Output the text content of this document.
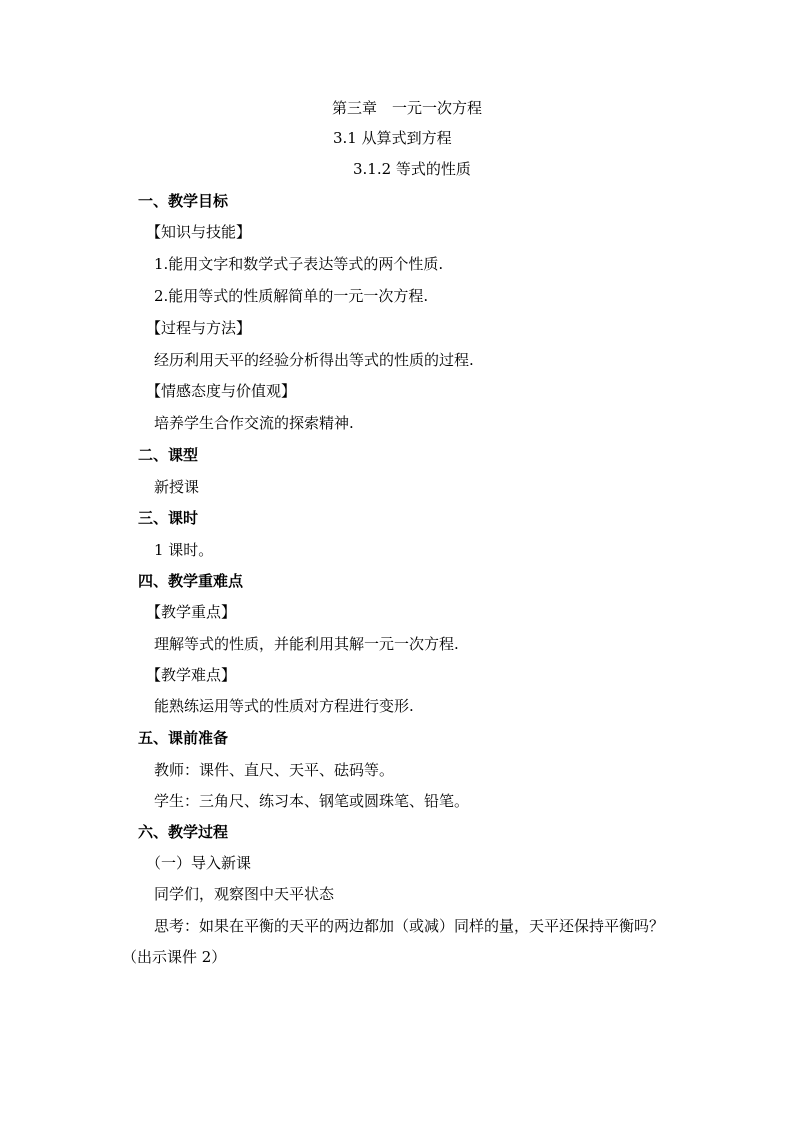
第三章　一元一次方程
3.1 从算式到方程
3.1.2 等式的性质
一、教学目标
【知识与技能】
1.能用文字和数学式子表达等式的两个性质.
2.能用等式的性质解简单的一元一次方程.
【过程与方法】
经历利用天平的经验分析得出等式的性质的过程.
【情感态度与价值观】
培养学生合作交流的探索精神.
二、课型
新授课
三、课时
1 课时。
四、教学重难点
【教学重点】
理解等式的性质，并能利用其解一元一次方程.
【教学难点】
能熟练运用等式的性质对方程进行变形.
五、课前准备
教师：课件、直尺、天平、砝码等。
学生：三角尺、练习本、钢笔或圆珠笔、铅笔。
六、教学过程
（一）导入新课
同学们，观察图中天平状态
思考：如果在平衡的天平的两边都加（或减）同样的量，天平还保持平衡吗？
（出示课件 2）
